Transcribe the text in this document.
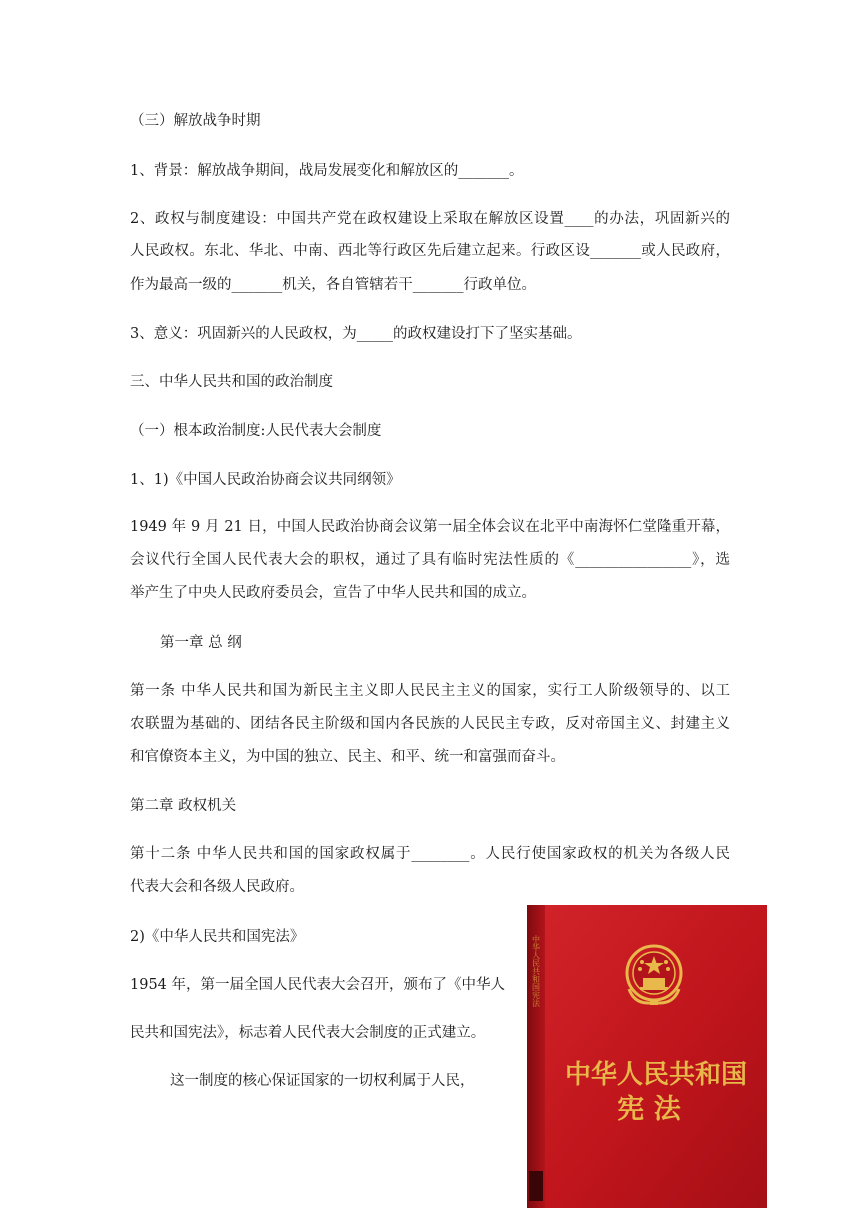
（三）解放战争时期

1、背景：解放战争期间，战局发展变化和解放区的_______。

2、政权与制度建设：中国共产党在政权建设上采取在解放区设置____的办法，巩固新兴的

人民政权。东北、华北、中南、西北等行政区先后建立起来。行政区设_______或人民政府，

作为最高一级的_______机关，各自管辖若干_______行政单位。

3、意义：巩固新兴的人民政权，为_____的政权建设打下了坚实基础。

三、中华人民共和国的政治制度

（一）根本政治制度:人民代表大会制度

1、1)《中国人民政治协商会议共同纲领》

1949 年 9 月 21 日，中国人民政治协商会议第一届全体会议在北平中南海怀仁堂隆重开幕，

会议代行全国人民代表大会的职权，通过了具有临时宪法性质的《________________》，选

举产生了中央人民政府委员会，宣告了中华人民共和国的成立。

第一章 总 纲

第一条 中华人民共和国为新民主主义即人民民主主义的国家，实行工人阶级领导的、以工

农联盟为基础的、团结各民主阶级和国内各民族的人民民主专政，反对帝国主义、封建主义

和官僚资本主义，为中国的独立、民主、和平、统一和富强而奋斗。

第二章 政权机关

第十二条 中华人民共和国的国家政权属于________。人民行使国家政权的机关为各级人民

代表大会和各级人民政府。

2)《中华人民共和国宪法》

1954 年，第一届全国人民代表大会召开，颁布了《中华人

民共和国宪法》，标志着人民代表大会制度的正式建立。

这一制度的核心保证国家的一切权利属于人民，

中华人民共和国宪法
中华人民共和国
宪 法
